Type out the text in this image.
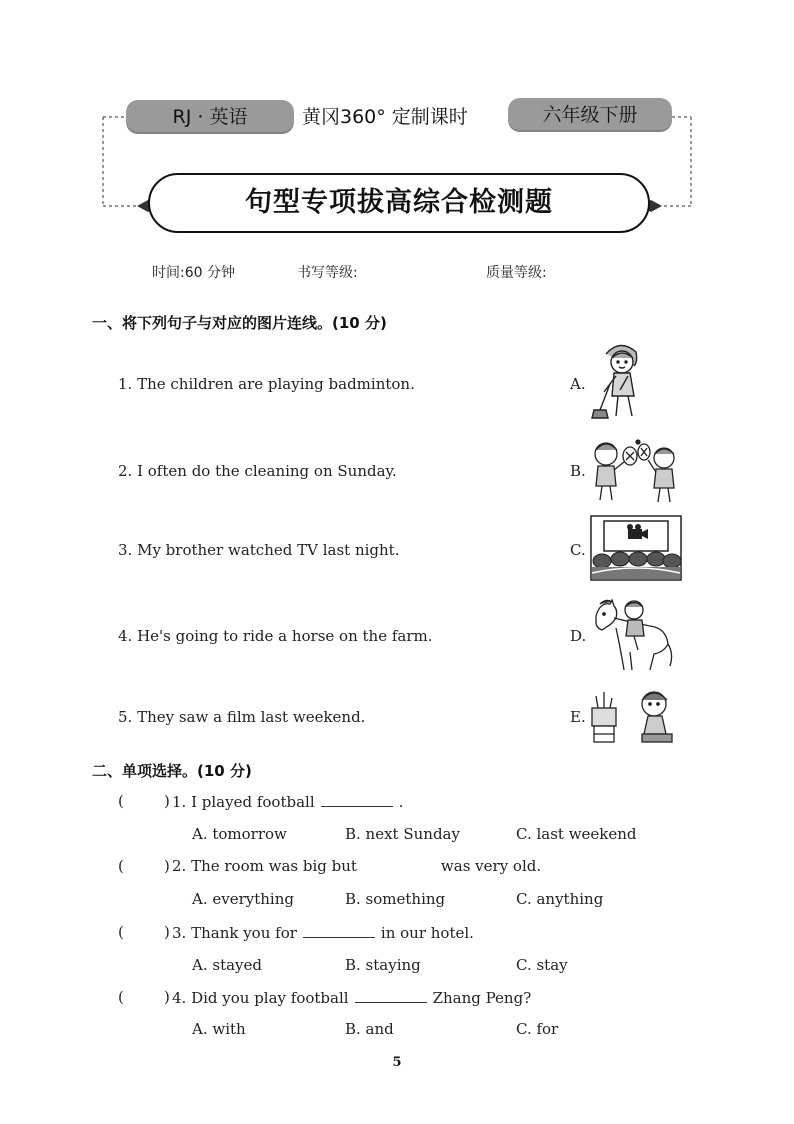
RJ · 英语	黄冈360° 定制课时	六年级下册
句型专项拔高综合检测题
时间:60 分钟	书写等级:	质量等级:
一、将下列句子与对应的图片连线。(10 分)
1. The children are playing badminton.
2. I often do the cleaning on Sunday.
3. My brother watched TV last night.
4. He's going to ride a horse on the farm.
5. They saw a film last weekend.
A.
B.
C.
D.
E.
二、单项选择。(10 分)
(	) 1. I played football	.
A. tomorrow	B. next Sunday	C. last weekend
(	) 2. The room was big but	was very old.
A. everything	B. something	C. anything
(	) 3. Thank you for	in our hotel.
A. stayed	B. staying	C. stay
(	) 4. Did you play football	Zhang Peng?
A. with	B. and	C. for
5
